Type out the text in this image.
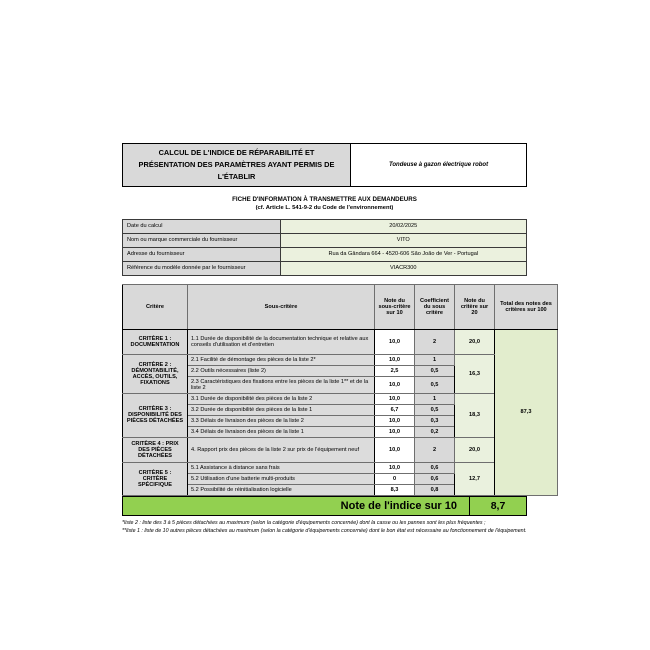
CALCUL DE L'INDICE DE RÉPARABILITÉ ET
PRÉSENTATION DES PARAMÈTRES AYANT PERMIS DE L'ÉTABLIR
Tondeuse à gazon électrique robot
FICHE D'INFORMATION À TRANSMETTRE AUX DEMANDEURS
(cf. Article L. 541-9-2 du Code de l'environnement)
Date du calcul	20/02/2025
Nom ou marque commerciale du fournisseur	VITO
Adresse du fournisseur	Rua da Gândara 664 - 4520-606 São João de Ver - Portugal
Référence du modèle donnée par le fournisseur	VIACR300
Critère	Sous-critère	Note du sous-critère sur 10	Coefficient du sous critère	Note du critère sur 20	Total des notes des critères sur 100
CRITÈRE 1 : DOCUMENTATION	1.1 Durée de disponibilité de la documentation technique et relative aux conseils d'utilisation et d'entretien	10,0	2	20,0	87,3
CRITÈRE 2 : DÉMONTABILITÉ, ACCÈS, OUTILS, FIXATIONS	2.1 Facilité de démontage des pièces de la liste 2*	10,0	1	16,3	
	2.2 Outils nécessaires (liste 2)	2,5	0,5		
	2.3 Caractéristiques des fixations entre les pièces de la liste 1** et de la liste 2	10,0	0,5		
CRITÈRE 3 : DISPONIBILITÉ DES PIÈCES DÉTACHÉES	3.1 Durée de disponibilité des pièces de la liste 2	10,0	1	18,3	
	3.2 Durée de disponibilité des pièces de la liste 1	6,7	0,5		
	3.3 Délais de livraison des pièces de la liste 2	10,0	0,3		
	3.4 Délais de livraison des pièces de la liste 1	10,0	0,2		
CRITÈRE 4 : PRIX DES PIÈCES DÉTACHÉES	4. Rapport prix des pièces de la liste 2 sur prix de l'équipement neuf	10,0	2	20,0	
CRITÈRE 5 : CRITÈRE SPÉCIFIQUE	5.1 Assistance à distance sans frais	10,0	0,6	12,7	
	5.2 Utilisation d'une batterie multi-produits	0	0,6		
	5.2 Possibilité de réinitialisation logicielle	8,3	0,8		
Note de l'indice sur 10	8,7
*liste 2 : liste des 3 à 5 pièces détachées au maximum (selon la catégorie d'équipements concernée) dont la casse ou les pannes sont les plus fréquentes ;
**liste 1 : liste de 10 autres pièces détachées au maximum (selon la catégorie d'équipements concernée) dont le bon état est nécessaire au fonctionnement de l'équipement.
